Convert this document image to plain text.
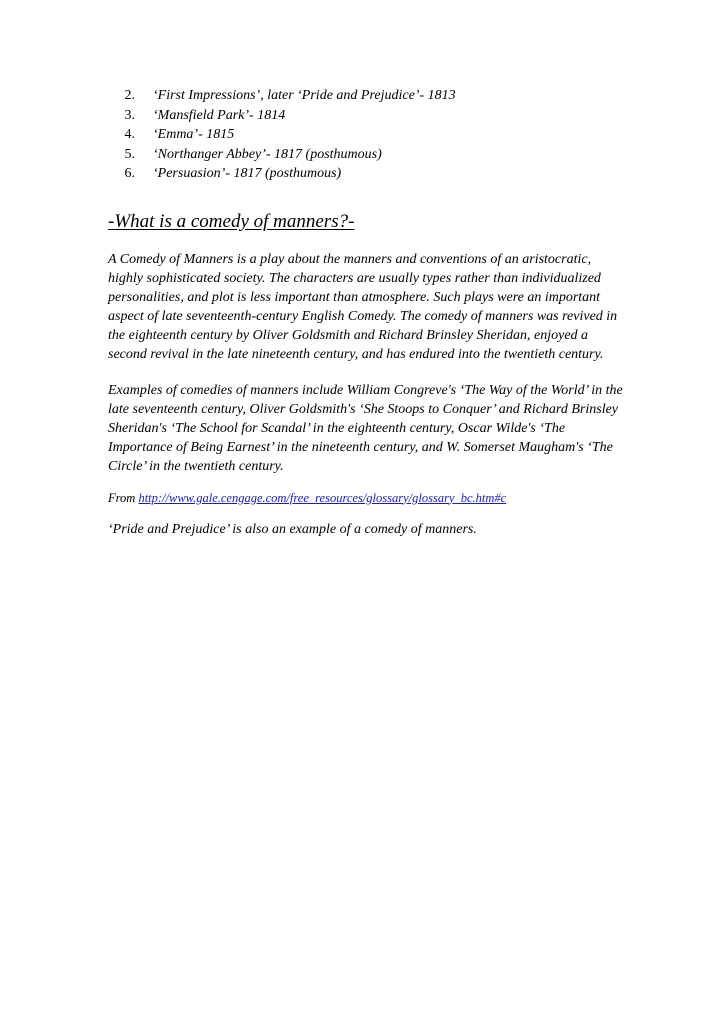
2. ‘First Impressions’, later ‘Pride and Prejudice’- 1813
3. ‘Mansfield Park’- 1814
4. ‘Emma’- 1815
5. ‘Northanger Abbey’- 1817 (posthumous)
6. ‘Persuasion’- 1817 (posthumous)
-What is a comedy of manners?-

A Comedy of Manners is a play about the manners and conventions of an aristocratic, highly sophisticated society. The characters are usually types rather than individualized personalities, and plot is less important than atmosphere. Such plays were an important aspect of late seventeenth-century English Comedy. The comedy of manners was revived in the eighteenth century by Oliver Goldsmith and Richard Brinsley Sheridan, enjoyed a second revival in the late nineteenth century, and has endured into the twentieth century.

Examples of comedies of manners include William Congreve's ‘The Way of the World’ in the late seventeenth century, Oliver Goldsmith's ‘She Stoops to Conquer’ and Richard Brinsley Sheridan's ‘The School for Scandal’ in the eighteenth century, Oscar Wilde's ‘The Importance of Being Earnest’ in the nineteenth century, and W. Somerset Maugham's ‘The Circle’ in the twentieth century.

From http://www.gale.cengage.com/free_resources/glossary/glossary_bc.htm#c
‘Pride and Prejudice’ is also an example of a comedy of manners.
